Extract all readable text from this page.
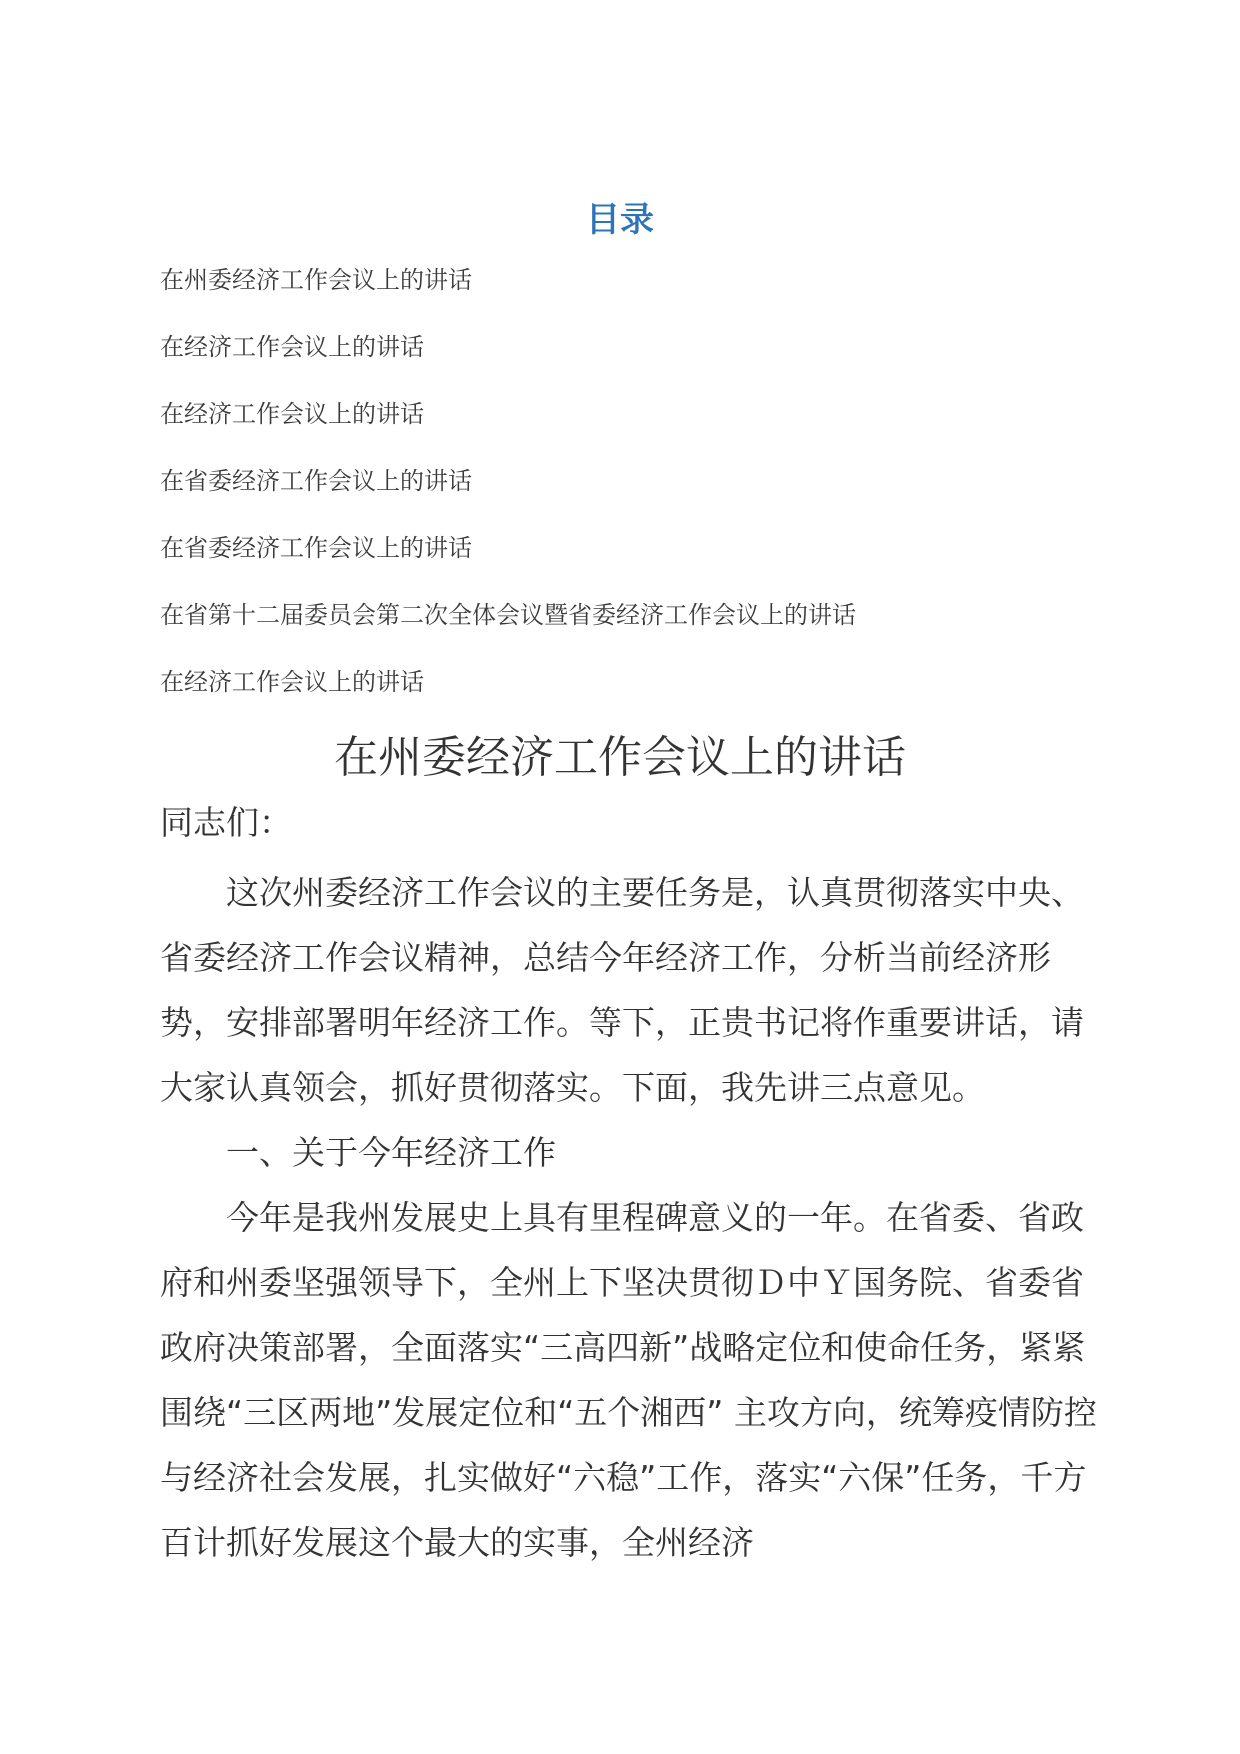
目录
在州委经济工作会议上的讲话
在经济工作会议上的讲话
在经济工作会议上的讲话
在省委经济工作会议上的讲话
在省委经济工作会议上的讲话
在省第十二届委员会第二次全体会议暨省委经济工作会议上的讲话
在经济工作会议上的讲话
在州委经济工作会议上的讲话
同志们：

这次州委经济工作会议的主要任务是，认真贯彻落实中央、省委经济工作会议精神，总结今年经济工作，分析当前经济形势，安排部署明年经济工作。等下，正贵书记将作重要讲话，请大家认真领会，抓好贯彻落实。下面，我先讲三点意见。

一、关于今年经济工作

今年是我州发展史上具有里程碑意义的一年。在省委、省政府和州委坚强领导下，全州上下坚决贯彻Ｄ中Ｙ国务院、省委省政府决策部署，全面落实“三高四新”战略定位和使命任务，紧紧围绕“三区两地”发展定位和“五个湘西” 主攻方向，统筹疫情防控与经济社会发展，扎实做好“六稳”工作，落实“六保”任务，千方百计抓好发展这个最大的实事，全州经济
